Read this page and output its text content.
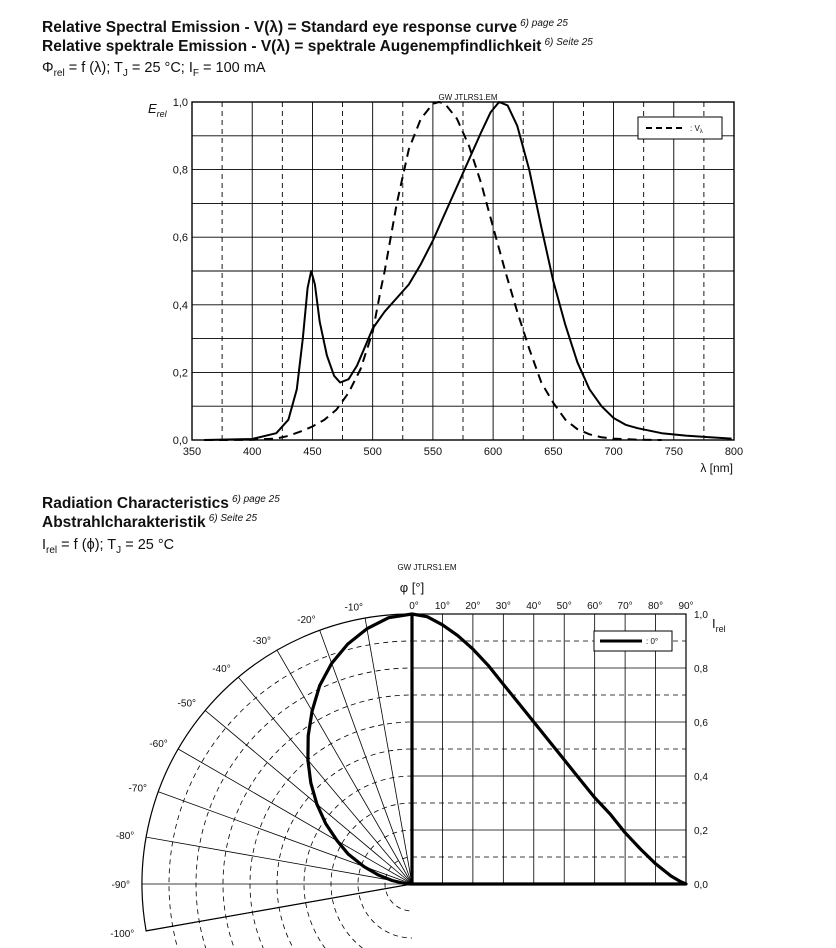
Relative Spectral Emission - V(λ) = Standard eye response curve $^{6) page 25}$
Relative spektrale Emission - V(λ) = spektrale Augenempfindlichkeit $^{6) Seite 25}$
$\Phi_{rel} = f$ (λ); $T_J = 25$ °C; $I_F = 100$ mA
Radiation Characteristics $^{6) page 25}$
Abstrahlcharakteristik $^{6) Seite 25}$
$I_{rel} = f$ (ϕ); $T_J = 25$ °C
GW JTLRS1.EM
$E_{rel}$
λ [nm]
350	400	450	500	550	600	650	700	750	800
0,0
0,2
0,4
0,6
0,8
1,0
: $V_\lambda$
GW JTLRS1.EM
φ [°]
$I_{rel}$
-10°
-20°
-30°
-40°
-50°
-60°
-70°
-80°
-90°
-100°
0° 10° 20° 30° 40° 50° 60° 70° 80° 90°
0,0
0,2
0,4
0,6
0,8
1,0
: 0°
